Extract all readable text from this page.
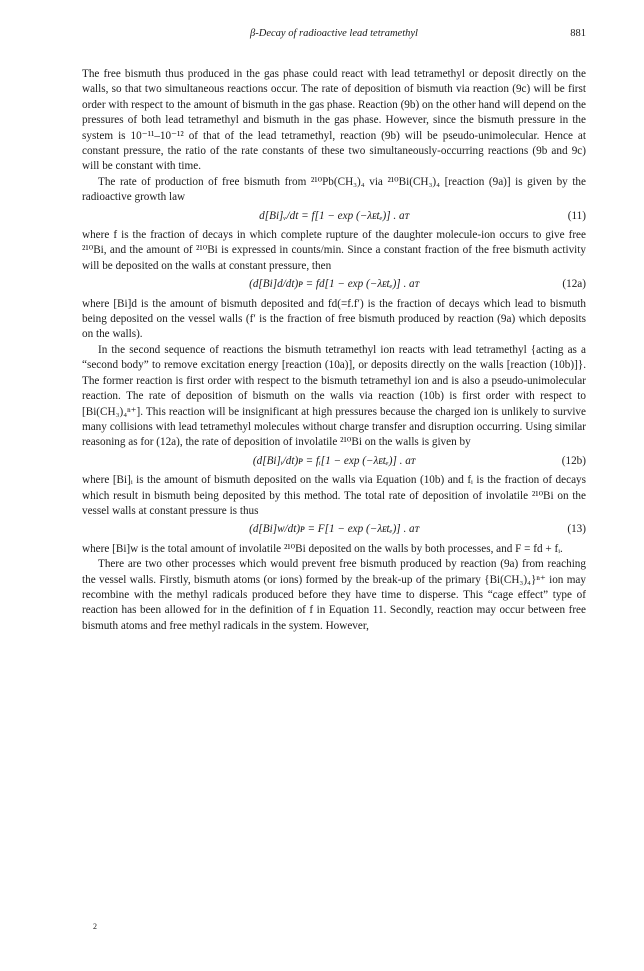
β-Decay of radioactive lead tetramethyl	881

The free bismuth thus produced in the gas phase could react with lead tetramethyl or deposit directly on the walls, so that two simultaneous reactions occur. The rate of deposition of bismuth via reaction (9c) will be first order with respect to the amount of bismuth in the gas phase. Reaction (9b) on the other hand will depend on the pressures of both lead tetramethyl and bismuth in the gas phase. However, since the bismuth pressure in the system is 10⁻¹¹–10⁻¹² of that of the lead tetramethyl, reaction (9b) will be pseudo-unimolecular. Hence at constant pressure, the ratio of the rate constants of these two simultaneously-occurring reactions (9b and 9c) will be constant with time.

The rate of production of free bismuth from ²¹⁰Pb(CH₃)₄ via ²¹⁰Bi(CH₃)₄ [reaction (9a)] is given by the radioactive growth law

d[Bi]ᵥ/dt = f[1 − exp (−λᴇtₑ)] . aᴛ	(11)

where f is the fraction of decays in which complete rupture of the daughter molecule-ion occurs to give free ²¹⁰Bi, and the amount of ²¹⁰Bi is expressed in counts/min. Since a constant fraction of the free bismuth activity will be deposited on the walls at constant pressure, then

(d[Bi]d/dt)ᴘ = fd[1 − exp (−λᴇtₑ)] . aᴛ	(12a)

where [Bi]d is the amount of bismuth deposited and fd(=f.f′) is the fraction of decays which lead to bismuth being deposited on the vessel walls (f′ is the fraction of free bismuth produced by reaction (9a) which deposits on the walls).

In the second sequence of reactions the bismuth tetramethyl ion reacts with lead tetramethyl {acting as a “second body” to remove excitation energy [reaction (10a)], or deposits directly on the walls [reaction (10b)]}. The former reaction is first order with respect to the bismuth tetramethyl ion and is also a pseudo-unimolecular reaction. The rate of deposition of bismuth on the walls via reaction (10b) is first order with respect to [Bi(CH₃)₄ⁿ⁺]. This reaction will be insignificant at high pressures because the charged ion is unlikely to survive many collisions with lead tetramethyl molecules without charge transfer and disruption occurring. Using similar reasoning as for (12a), the rate of deposition of involatile ²¹⁰Bi on the walls is given by

(d[Bi]ᵢ/dt)ᴘ = fᵢ[1 − exp (−λᴇtₑ)] . aᴛ	(12b)

where [Bi]ᵢ is the amount of bismuth deposited on the walls via Equation (10b) and fᵢ is the fraction of decays which result in bismuth being deposited by this method. The total rate of deposition of involatile ²¹⁰Bi on the vessel walls at constant pressure is thus

(d[Bi]w/dt)ᴘ = F[1 − exp (−λᴇtₑ)] . aᴛ	(13)

where [Bi]w is the total amount of involatile ²¹⁰Bi deposited on the walls by both processes, and F = fd + fᵢ.

There are two other processes which would prevent free bismuth produced by reaction (9a) from reaching the vessel walls. Firstly, bismuth atoms (or ions) formed by the break-up of the primary {Bi(CH₃)₄}ⁿ⁺ ion may recombine with the methyl radicals produced before they have time to disperse. This “cage effect” type of reaction has been allowed for in the definition of f in Equation 11. Secondly, reaction may occur between free bismuth atoms and free methyl radicals in the system. However,

2
